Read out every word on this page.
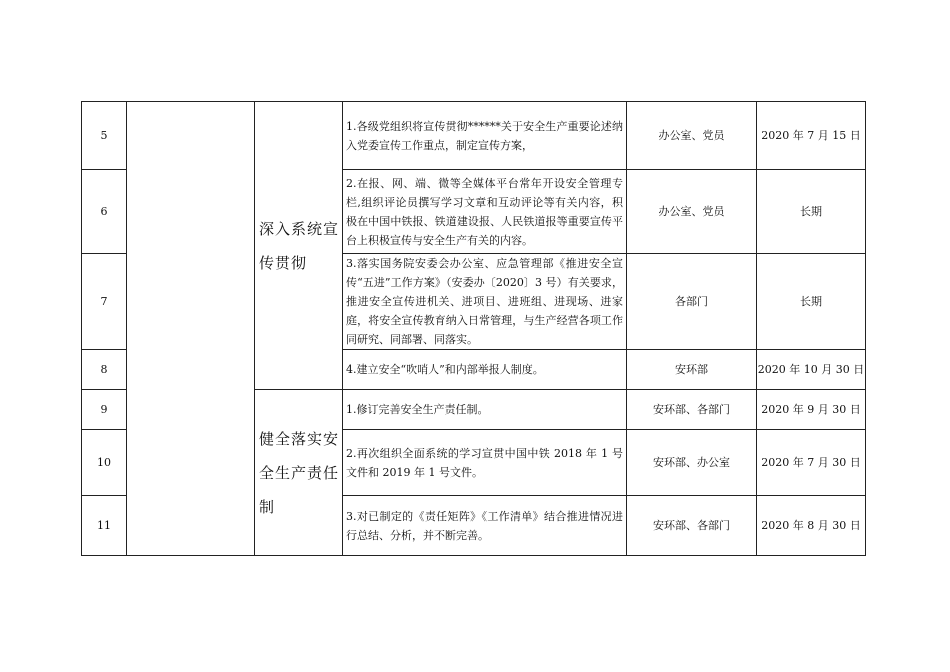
5		深入系统宣传贯彻	1.各级党组织将宣传贯彻******关于安全生产重要论述纳入党委宣传工作重点，制定宣传方案，	办公室、党员	2020 年 7 月 15 日
6			2.在报、网、端、微等全媒体平台常年开设安全管理专栏,组织评论员撰写学习文章和互动评论等有关内容，积极在中国中铁报、铁道建设报、人民铁道报等重要宣传平台上积极宣传与安全生产有关的内容。	办公室、党员	长期
7			3.落实国务院安委会办公室、应急管理部《推进安全宣传“五进”工作方案》（安委办〔2020〕3 号）有关要求，推进安全宣传进机关、进项目、进班组、进现场、进家庭，将安全宣传教育纳入日常管理，与生产经营各项工作同研究、同部署、同落实。	各部门	长期
8			4.建立安全“吹哨人”和内部举报人制度。	安环部	2020 年 10 月 30 日
9		健全落实安全生产责任制	1.修订完善安全生产责任制。	安环部、各部门	2020 年 9 月 30 日
10			2.再次组织全面系统的学习宣贯中国中铁 2018 年 1 号文件和 2019 年 1 号文件。	安环部、办公室	2020 年 7 月 30 日
11			3.对已制定的《责任矩阵》《工作清单》结合推进情况进行总结、分析，并不断完善。	安环部、各部门	2020 年 8 月 30 日
